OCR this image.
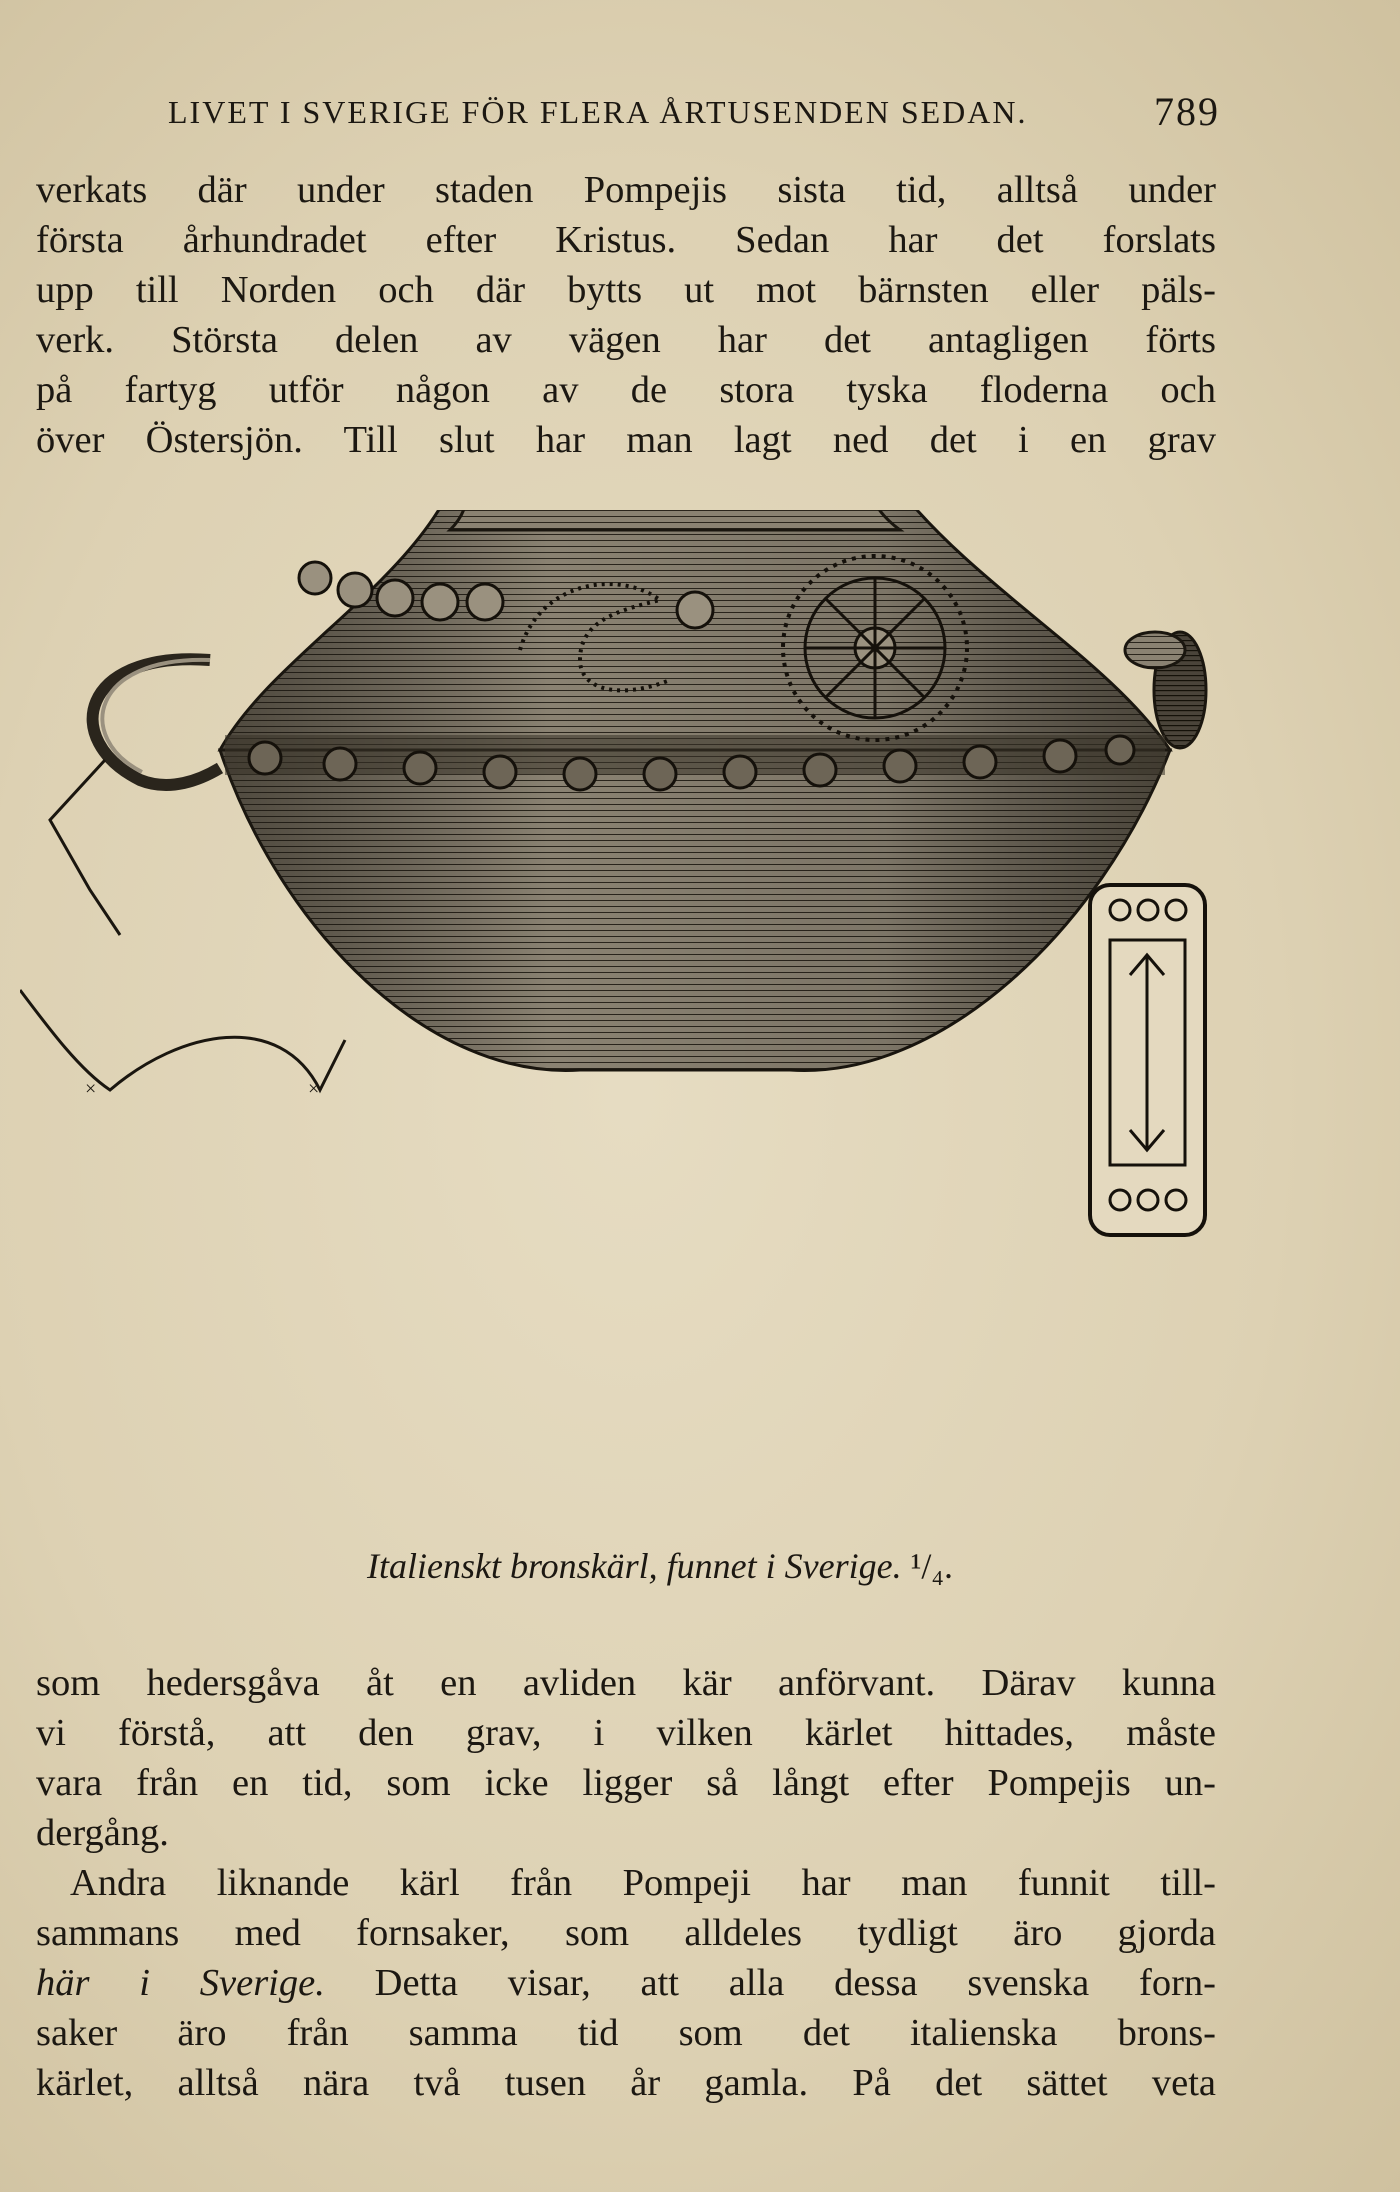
LIVET I SVERIGE FÖR FLERA ÅRTUSENDEN SEDAN.	789
verkats där under staden Pompejis sista tid, alltså under
första århundradet efter Kristus. Sedan har det forslats
upp till Norden och där bytts ut mot bärnsten eller päls-
verk. Största delen av vägen har det antagligen förts
på fartyg utför någon av de stora tyska floderna och
över Östersjön. Till slut har man lagt ned det i en grav
×	×
Italienskt bronskärl, funnet i Sverige. ¹/₄.
som hedersgåva åt en avliden kär anförvant. Därav kunna
vi förstå, att den grav, i vilken kärlet hittades, måste
vara från en tid, som icke ligger så långt efter Pompejis un-
dergång.
Andra liknande kärl från Pompeji har man funnit till-
sammans med fornsaker, som alldeles tydligt äro gjorda
här i Sverige. Detta visar, att alla dessa svenska forn-
saker äro från samma tid som det italienska brons-
kärlet, alltså nära två tusen år gamla. På det sättet veta
